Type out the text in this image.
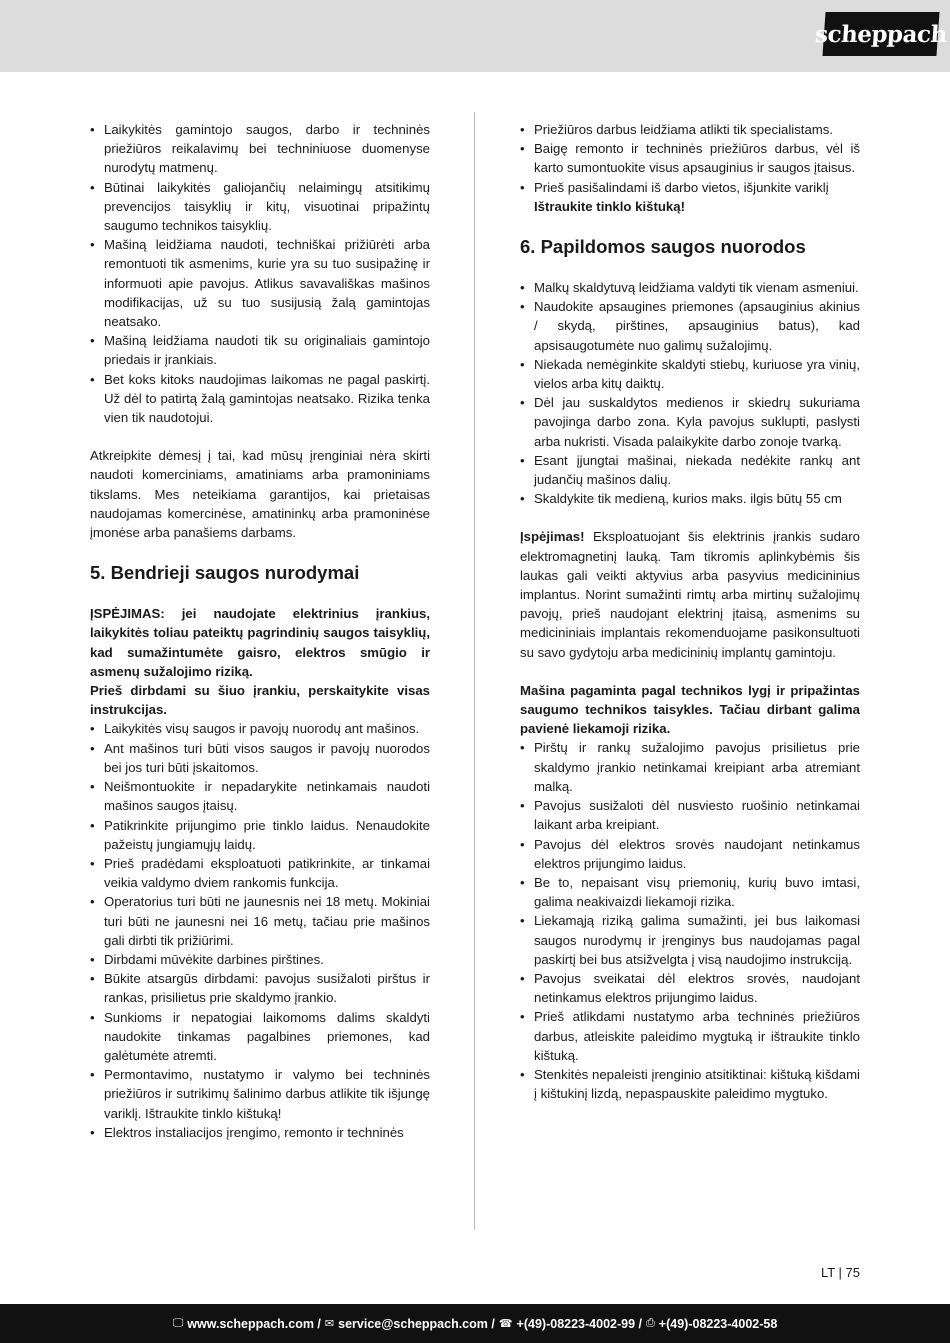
scheppach
• Laikykitės gamintojo saugos, darbo ir techninės priežiūros reikalavimų bei techniniuose duomenyse nurodytų matmenų.
• Būtinai laikykitės galiojančių nelaimingų atsitikimų prevencijos taisyklių ir kitų, visuotinai pripažintų saugumo technikos taisyklių.
• Mašiną leidžiama naudoti, techniškai prižiūrėti arba remontuoti tik asmenims, kurie yra su tuo susipažinę ir informuoti apie pavojus. Atlikus savavališkas mašinos modifikacijas, už su tuo susijusią žalą gamintojas neatsako.
• Mašiną leidžiama naudoti tik su originaliais gamintojo priedais ir įrankiais.
• Bet koks kitoks naudojimas laikomas ne pagal paskirtį. Už dėl to patirtą žalą gamintojas neatsako. Rizika tenka vien tik naudotojui.

Atkreipkite dėmesį į tai, kad mūsų įrenginiai nėra skirti naudoti komerciniams, amatiniams arba pramoniniams tikslams. Mes neteikiama garantijos, kai prietaisas naudojamas komercinėse, amatininkų arba pramoninėse įmonėse arba panašiems darbams.

5. Bendrieji saugos nurodymai

ĮSPĖJIMAS: jei naudojate elektrinius įrankius, laikykitės toliau pateiktų pagrindinių saugos taisyklių, kad sumažintumėte gaisro, elektros smūgio ir asmenų sužalojimo riziką.

Prieš dirbdami su šiuo įrankiu, perskaitykite visas instrukcijas.

• Laikykitės visų saugos ir pavojų nuorodų ant mašinos.
• Ant mašinos turi būti visos saugos ir pavojų nuorodos bei jos turi būti įskaitomos.
• Neišmontuokite ir nepadarykite netinkamais naudoti mašinos saugos įtaisų.
• Patikrinkite prijungimo prie tinklo laidus. Nenaudokite pažeistų jungiamųjų laidų.
• Prieš pradėdami eksploatuoti patikrinkite, ar tinkamai veikia valdymo dviem rankomis funkcija.
• Operatorius turi būti ne jaunesnis nei 18 metų. Mokiniai turi būti ne jaunesni nei 16 metų, tačiau prie mašinos gali dirbti tik prižiūrimi.
• Dirbdami mūvėkite darbines pirštines.
• Būkite atsargūs dirbdami: pavojus susižaloti pirštus ir rankas, prisilietus prie skaldymo įrankio.
• Sunkioms ir nepatogiai laikomoms dalims skaldyti naudokite tinkamas pagalbines priemones, kad galėtumėte atremti.
• Permontavimo, nustatymo ir valymo bei techninės priežiūros ir sutrikimų šalinimo darbus atlikite tik išjungę variklį. Ištraukite tinklo kištuką!
• Elektros instaliacijos įrengimo, remonto ir techninės
• Priežiūros darbus leidžiama atlikti tik specialistams.
• Baigę remonto ir techninės priežiūros darbus, vėl iš karto sumontuokite visus apsauginius ir saugos įtaisus.
• Prieš pasišalindami iš darbo vietos, išjunkite variklį
Ištraukite tinklo kištuką!
6. Papildomos saugos nuorodos
• Malkų skaldytuvą leidžiama valdyti tik vienam asmeniui.
• Naudokite apsaugines priemones (apsauginius akinius / skydą, pirštines, apsauginius batus), kad apsisaugotumėte nuo galimų sužalojimų.
• Niekada nemėginkite skaldyti stiebų, kuriuose yra vinių, vielos arba kitų daiktų.
• Dėl jau suskaldytos medienos ir skiedrų sukuriama pavojinga darbo zona. Kyla pavojus suklupti, paslysti arba nukristi. Visada palaikykite darbo zonoje tvarką.
• Esant įjungtai mašinai, niekada nedėkite rankų ant judančių mašinos dalių.
• Skaldykite tik medieną, kurios maks. ilgis būtų 55 cm

Įspėjimas! Eksploatuojant šis elektrinis įrankis sudaro elektromagnetinį lauką. Tam tikromis aplinkybėmis šis laukas gali veikti aktyvius arba pasyvius medicininius implantus. Norint sumažinti rimtų arba mirtinų sužalojimų pavojų, prieš naudojant elektrinį įtaisą, asmenims su medicininiais implantais rekomenduojame pasikonsultuoti su savo gydytoju arba medicininių implantų gamintoju.

Mašina pagaminta pagal technikos lygį ir pripažintas saugumo technikos taisykles. Tačiau dirbant galima pavienė liekamoji rizika.

• Pirštų ir rankų sužalojimo pavojus prisilietus prie skaldymo įrankio netinkamai kreipiant arba atremiant malką.
• Pavojus susižaloti dėl nusviesto ruošinio netinkamai laikant arba kreipiant.
• Pavojus dėl elektros srovės naudojant netinkamus elektros prijungimo laidus.
• Be to, nepaisant visų priemonių, kurių buvo imtasi, galima neakivaizdi liekamoji rizika.
• Liekamąją riziką galima sumažinti, jei bus laikomasi saugos nurodymų ir įrenginys bus naudojamas pagal paskirtį bei bus atsižvelgta į visą naudojimo instrukciją.
• Pavojus sveikatai dėl elektros srovės, naudojant netinkamus elektros prijungimo laidus.
• Prieš atlikdami nustatymo arba techninės priežiūros darbus, atleiskite paleidimo mygtuką ir ištraukite tinklo kištuką.
• Stenkitės nepaleisti įrenginio atsitiktinai: kištuką kišdami į kištukinį lizdą, nepaspauskite paleidimo mygtuko.
LT | 75
🖵 www.scheppach.com / ✉ service@scheppach.com / ☎ +(49)-08223-4002-99 / ⎙ +(49)-08223-4002-58
